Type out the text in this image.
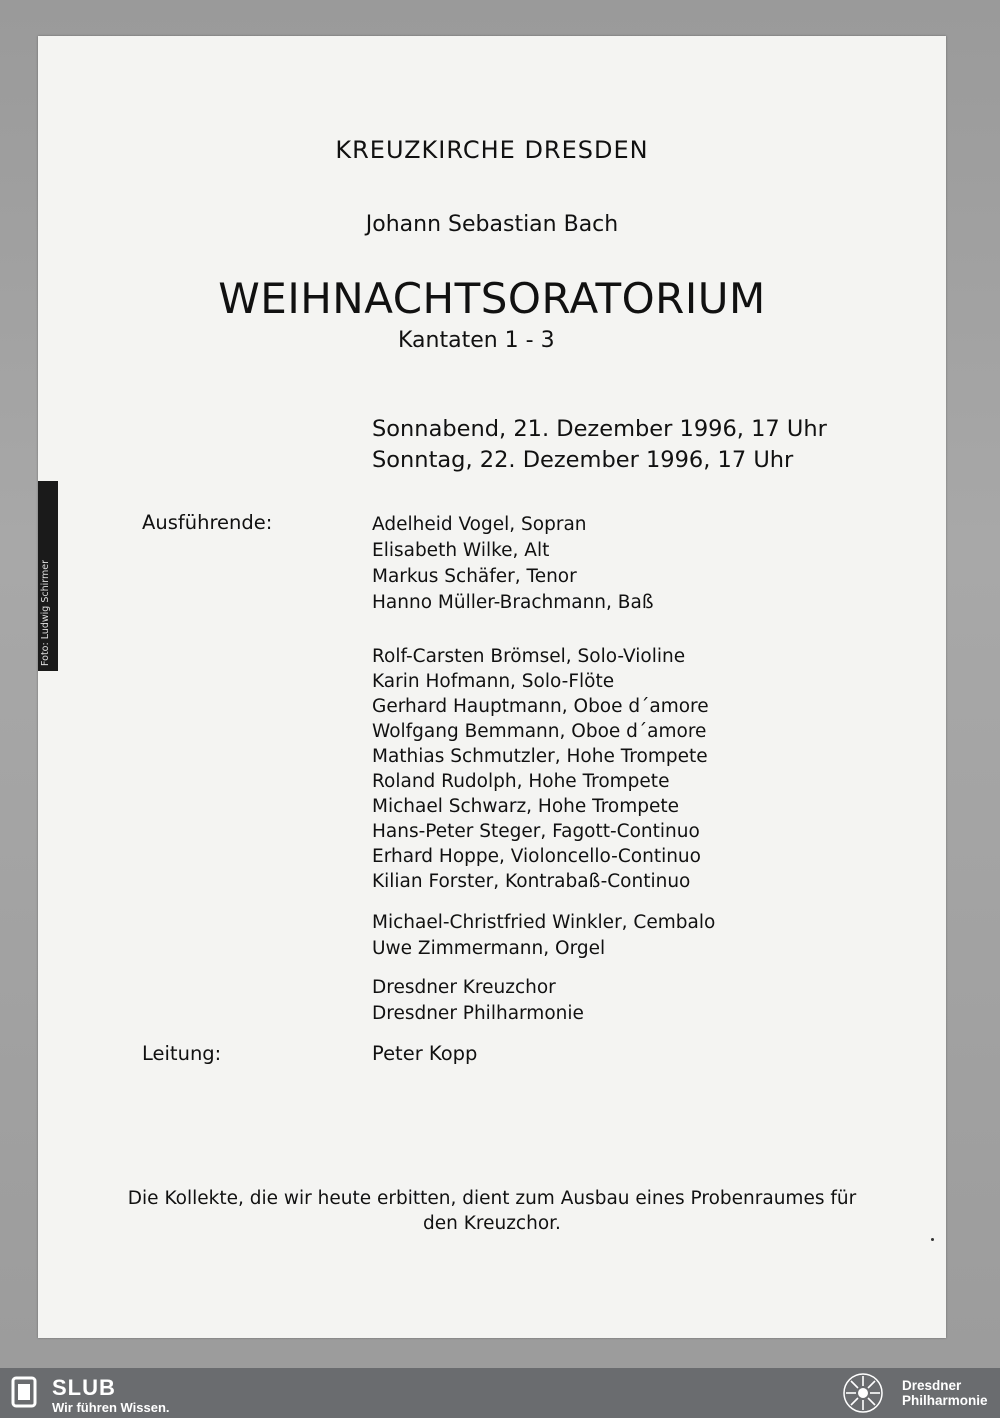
Foto: Ludwig Schirmer
KREUZKIRCHE DRESDEN
Johann Sebastian Bach
WEIHNACHTSORATORIUM
Kantaten 1 - 3
Sonnabend, 21. Dezember 1996, 17 Uhr
Sonntag, 22. Dezember 1996, 17 Uhr
Ausführende:	Adelheid Vogel, Sopran
Elisabeth Wilke, Alt
Markus Schäfer, Tenor
Hanno Müller-Brachmann, Baß
Rolf-Carsten Brömsel, Solo-Violine
Karin Hofmann, Solo-Flöte
Gerhard Hauptmann, Oboe d´amore
Wolfgang Bemmann, Oboe d´amore
Mathias Schmutzler, Hohe Trompete
Roland Rudolph, Hohe Trompete
Michael Schwarz, Hohe Trompete
Hans-Peter Steger, Fagott-Continuo
Erhard Hoppe, Violoncello-Continuo
Kilian Forster, Kontrabaß-Continuo
Michael-Christfried Winkler, Cembalo
Uwe Zimmermann, Orgel
Dresdner Kreuzchor
Dresdner Philharmonie
Leitung:	Peter Kopp

Die Kollekte, die wir heute erbitten, dient zum Ausbau eines Probenraumes für

den Kreuzchor.

SLUB
Wir führen Wissen.
Dresdner
Philharmonie
